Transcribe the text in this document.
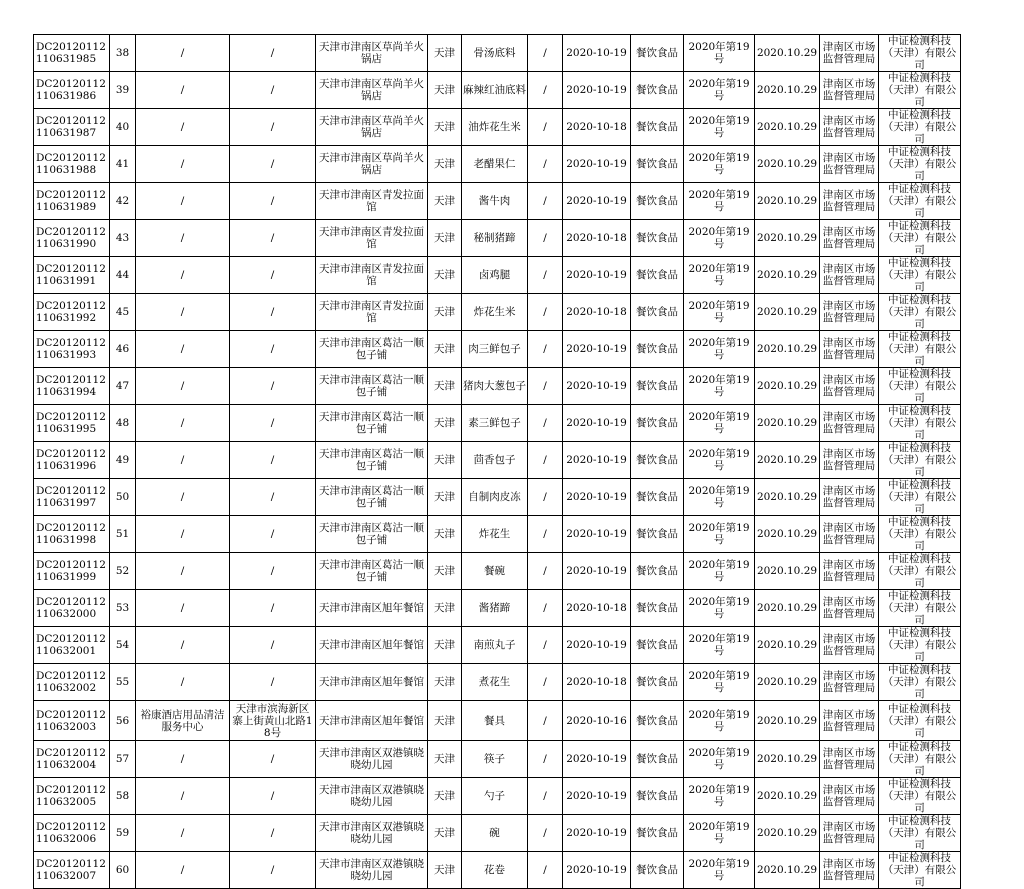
DC20120112110631985	38	/	/	天津市津南区草尚羊火锅店	天津	骨汤底料	/	2020-10-19	餐饮食品	2020年第19号	2020.10.29	津南区市场监督管理局	中证检测科技（天津）有限公司
DC20120112110631986	39	/	/	天津市津南区草尚羊火锅店	天津	麻辣红油底料	/	2020-10-19	餐饮食品	2020年第19号	2020.10.29	津南区市场监督管理局	中证检测科技（天津）有限公司
DC20120112110631987	40	/	/	天津市津南区草尚羊火锅店	天津	油炸花生米	/	2020-10-18	餐饮食品	2020年第19号	2020.10.29	津南区市场监督管理局	中证检测科技（天津）有限公司
DC20120112110631988	41	/	/	天津市津南区草尚羊火锅店	天津	老醋果仁	/	2020-10-19	餐饮食品	2020年第19号	2020.10.29	津南区市场监督管理局	中证检测科技（天津）有限公司
DC20120112110631989	42	/	/	天津市津南区青发拉面馆	天津	酱牛肉	/	2020-10-19	餐饮食品	2020年第19号	2020.10.29	津南区市场监督管理局	中证检测科技（天津）有限公司
DC20120112110631990	43	/	/	天津市津南区青发拉面馆	天津	秘制猪蹄	/	2020-10-18	餐饮食品	2020年第19号	2020.10.29	津南区市场监督管理局	中证检测科技（天津）有限公司
DC20120112110631991	44	/	/	天津市津南区青发拉面馆	天津	卤鸡腿	/	2020-10-19	餐饮食品	2020年第19号	2020.10.29	津南区市场监督管理局	中证检测科技（天津）有限公司
DC20120112110631992	45	/	/	天津市津南区青发拉面馆	天津	炸花生米	/	2020-10-18	餐饮食品	2020年第19号	2020.10.29	津南区市场监督管理局	中证检测科技（天津）有限公司
DC20120112110631993	46	/	/	天津市津南区葛沽一顺包子铺	天津	肉三鲜包子	/	2020-10-19	餐饮食品	2020年第19号	2020.10.29	津南区市场监督管理局	中证检测科技（天津）有限公司
DC20120112110631994	47	/	/	天津市津南区葛沽一顺包子铺	天津	猪肉大葱包子	/	2020-10-19	餐饮食品	2020年第19号	2020.10.29	津南区市场监督管理局	中证检测科技（天津）有限公司
DC20120112110631995	48	/	/	天津市津南区葛沽一顺包子铺	天津	素三鲜包子	/	2020-10-19	餐饮食品	2020年第19号	2020.10.29	津南区市场监督管理局	中证检测科技（天津）有限公司
DC20120112110631996	49	/	/	天津市津南区葛沽一顺包子铺	天津	茴香包子	/	2020-10-19	餐饮食品	2020年第19号	2020.10.29	津南区市场监督管理局	中证检测科技（天津）有限公司
DC20120112110631997	50	/	/	天津市津南区葛沽一顺包子铺	天津	自制肉皮冻	/	2020-10-19	餐饮食品	2020年第19号	2020.10.29	津南区市场监督管理局	中证检测科技（天津）有限公司
DC20120112110631998	51	/	/	天津市津南区葛沽一顺包子铺	天津	炸花生	/	2020-10-19	餐饮食品	2020年第19号	2020.10.29	津南区市场监督管理局	中证检测科技（天津）有限公司
DC20120112110631999	52	/	/	天津市津南区葛沽一顺包子铺	天津	餐碗	/	2020-10-19	餐饮食品	2020年第19号	2020.10.29	津南区市场监督管理局	中证检测科技（天津）有限公司
DC20120112110632000	53	/	/	天津市津南区旭年餐馆	天津	酱猪蹄	/	2020-10-18	餐饮食品	2020年第19号	2020.10.29	津南区市场监督管理局	中证检测科技（天津）有限公司
DC20120112110632001	54	/	/	天津市津南区旭年餐馆	天津	南煎丸子	/	2020-10-19	餐饮食品	2020年第19号	2020.10.29	津南区市场监督管理局	中证检测科技（天津）有限公司
DC20120112110632002	55	/	/	天津市津南区旭年餐馆	天津	煮花生	/	2020-10-18	餐饮食品	2020年第19号	2020.10.29	津南区市场监督管理局	中证检测科技（天津）有限公司
DC20120112110632003	56	裕康酒店用品清洁服务中心	天津市滨海新区寨上街黄山北路18号	天津市津南区旭年餐馆	天津	餐具	/	2020-10-16	餐饮食品	2020年第19号	2020.10.29	津南区市场监督管理局	中证检测科技（天津）有限公司
DC20120112110632004	57	/	/	天津市津南区双港镇晓晓幼儿园	天津	筷子	/	2020-10-19	餐饮食品	2020年第19号	2020.10.29	津南区市场监督管理局	中证检测科技（天津）有限公司
DC20120112110632005	58	/	/	天津市津南区双港镇晓晓幼儿园	天津	勺子	/	2020-10-19	餐饮食品	2020年第19号	2020.10.29	津南区市场监督管理局	中证检测科技（天津）有限公司
DC20120112110632006	59	/	/	天津市津南区双港镇晓晓幼儿园	天津	碗	/	2020-10-19	餐饮食品	2020年第19号	2020.10.29	津南区市场监督管理局	中证检测科技（天津）有限公司
DC20120112110632007	60	/	/	天津市津南区双港镇晓晓幼儿园	天津	花卷	/	2020-10-19	餐饮食品	2020年第19号	2020.10.29	津南区市场监督管理局	中证检测科技（天津）有限公司
